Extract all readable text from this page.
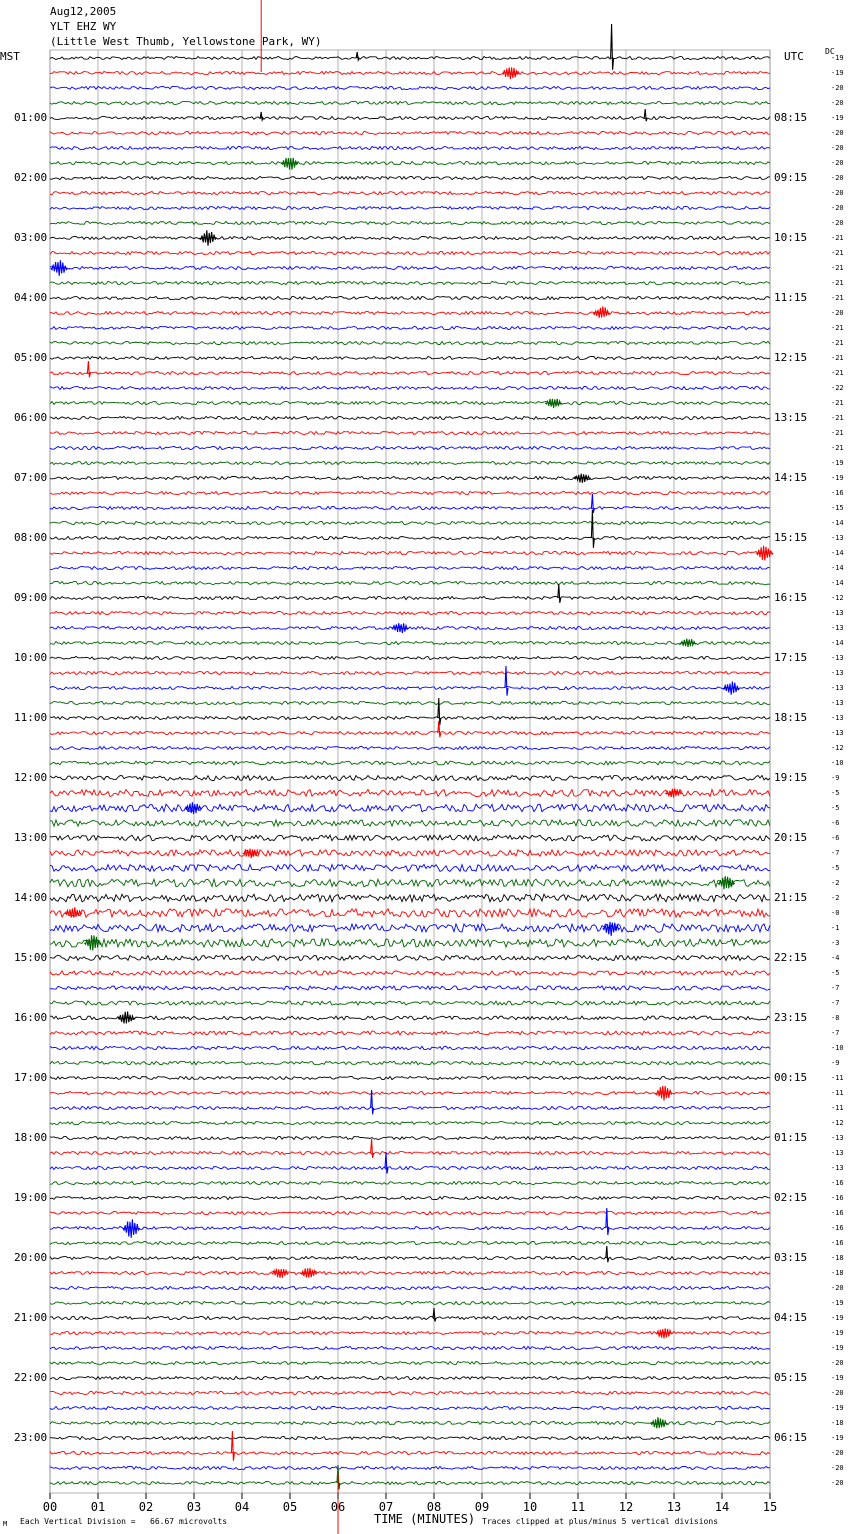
00	01	02	03	04	05	06	07	08	09	10	11	12	13	14	15
Aug12,2005
YLT EHZ WY
(Little West Thumb, Yellowstone Park, WY)
MST	UTC	DC
01:00
02:00
03:00
04:00
05:00
06:00
07:00
08:00
09:00
10:00
11:00
12:00
13:00
14:00
15:00
16:00
17:00
18:00
19:00
20:00
21:00
22:00
23:00
08:15
09:15
10:15
11:15
12:15
13:15
14:15
15:15
16:15
17:15
18:15
19:15
20:15
21:15
22:15
23:15
00:15
01:15
02:15
03:15
04:15
05:15
06:15
-19
-19
-20
-20
-19
-20
-20
-20
-20
-20
-20
-20
-21
-21
-21
-21
-21
-20
-21
-21
-21
-21
-22
-21
-21
-21
-21
-19
-19
-16
-15
-14
-13
-14
-14
-14
-12
-13
-13
-14
-13
-13
-13
-13
-13
-13
-12
-10
-9
-5
-5
-6
-6
-7
-5
-2
-2
-0
-1
-3
-4
-5
-7
-7
-8
-7
-10
-9
-11
-11
-11
-12
-13
-13
-13
-16
-16
-16
-16
-16
-18
-18
-20
-19
-19
-19
-19
-20
-19
-20
-19
-18
-19
-20
-20
-20
TIME (MINUTES)
M Each Vertical Division =   66.67 microvolts	Traces clipped at plus/minus 5 vertical divisions
